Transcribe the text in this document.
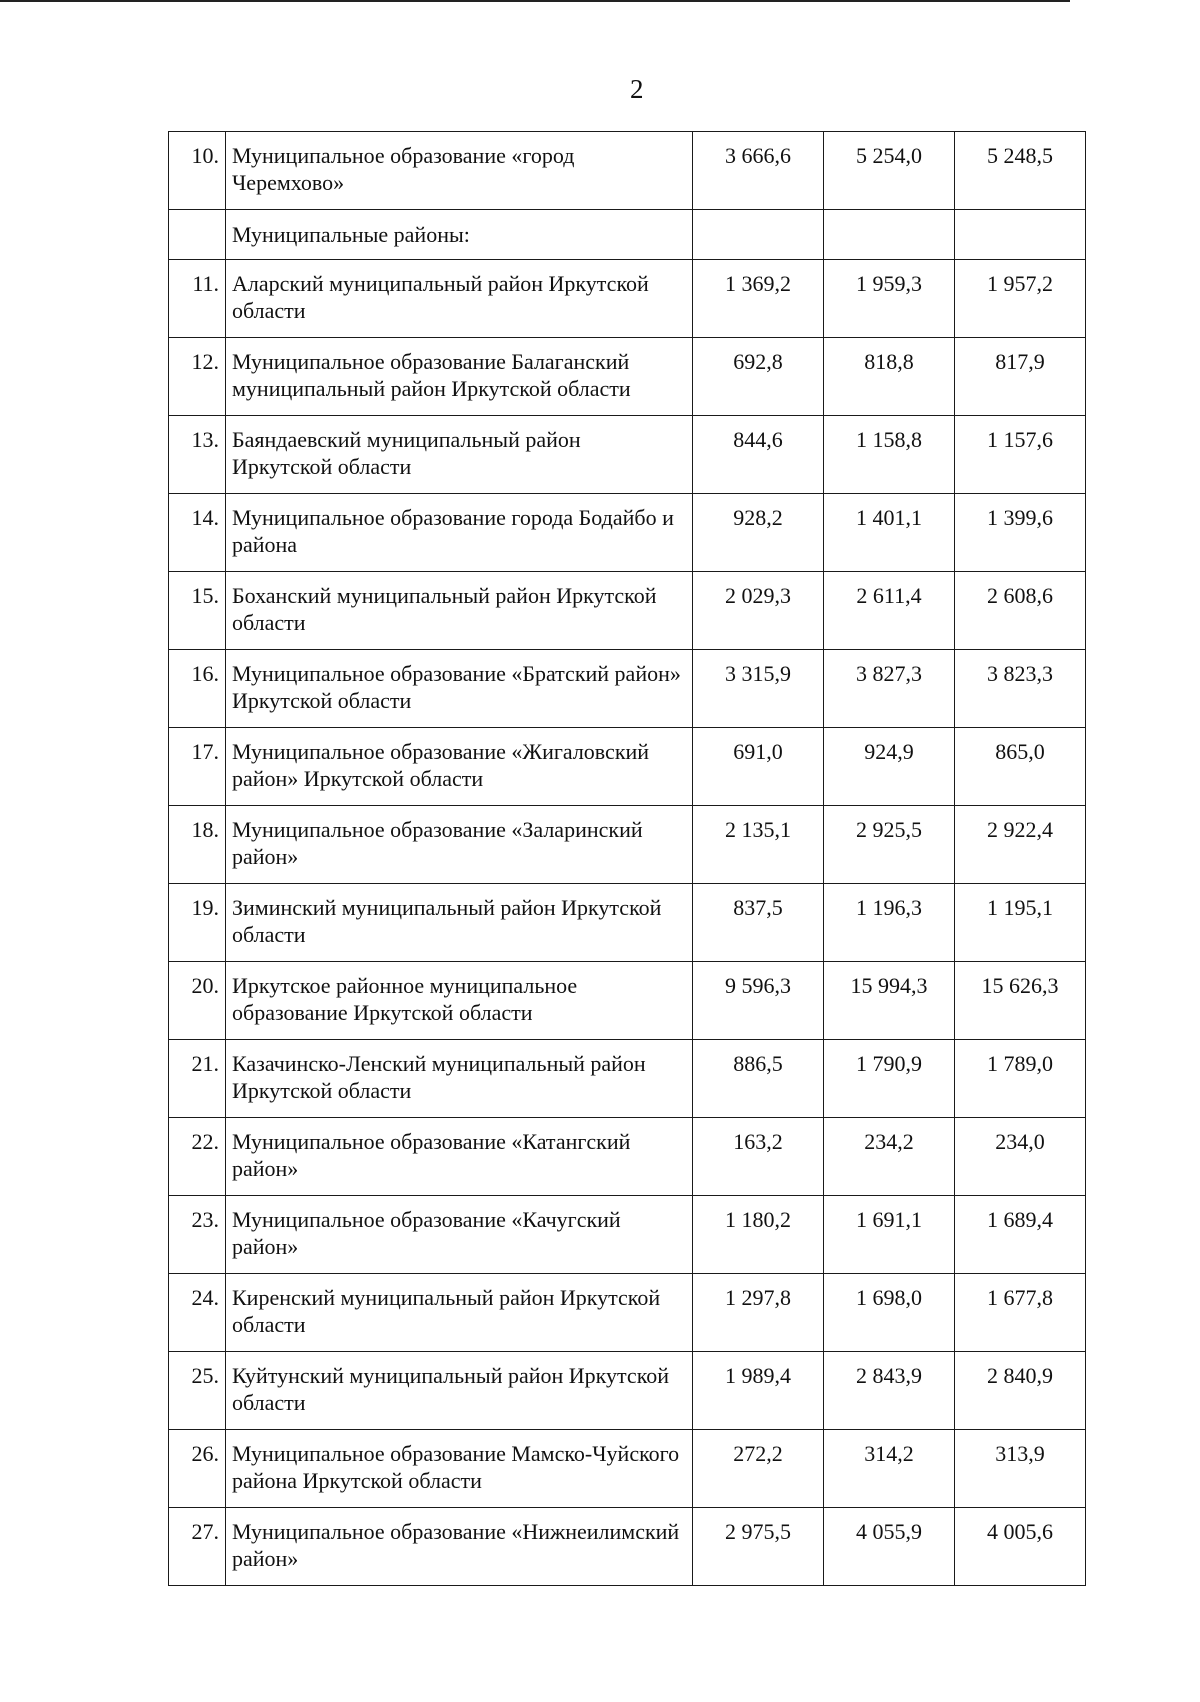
2
10.	Муниципальное образование «город Черемхово»	3 666,6	5 254,0	5 248,5
	Муниципальные районы:			
11.	Аларский муниципальный район Иркутской области	1 369,2	1 959,3	1 957,2
12.	Муниципальное образование Балаганский муниципальный район Иркутской области	692,8	818,8	817,9
13.	Баяндаевский муниципальный район Иркутской области	844,6	1 158,8	1 157,6
14.	Муниципальное образование города Бодайбо и района	928,2	1 401,1	1 399,6
15.	Боханский муниципальный район Иркутской области	2 029,3	2 611,4	2 608,6
16.	Муниципальное образование «Братский район» Иркутской области	3 315,9	3 827,3	3 823,3
17.	Муниципальное образование «Жигаловский район» Иркутской области	691,0	924,9	865,0
18.	Муниципальное образование «Заларинский район»	2 135,1	2 925,5	2 922,4
19.	Зиминский муниципальный район Иркутской области	837,5	1 196,3	1 195,1
20.	Иркутское районное муниципальное образование Иркутской области	9 596,3	15 994,3	15 626,3
21.	Казачинско-Ленский муниципальный район Иркутской области	886,5	1 790,9	1 789,0
22.	Муниципальное образование «Катангский район»	163,2	234,2	234,0
23.	Муниципальное образование «Качугский район»	1 180,2	1 691,1	1 689,4
24.	Киренский муниципальный район Иркутской области	1 297,8	1 698,0	1 677,8
25.	Куйтунский муниципальный район Иркутской области	1 989,4	2 843,9	2 840,9
26.	Муниципальное образование Мамско-Чуйского района Иркутской области	272,2	314,2	313,9
27.	Муниципальное образование «Нижнеилимский район»	2 975,5	4 055,9	4 005,6
